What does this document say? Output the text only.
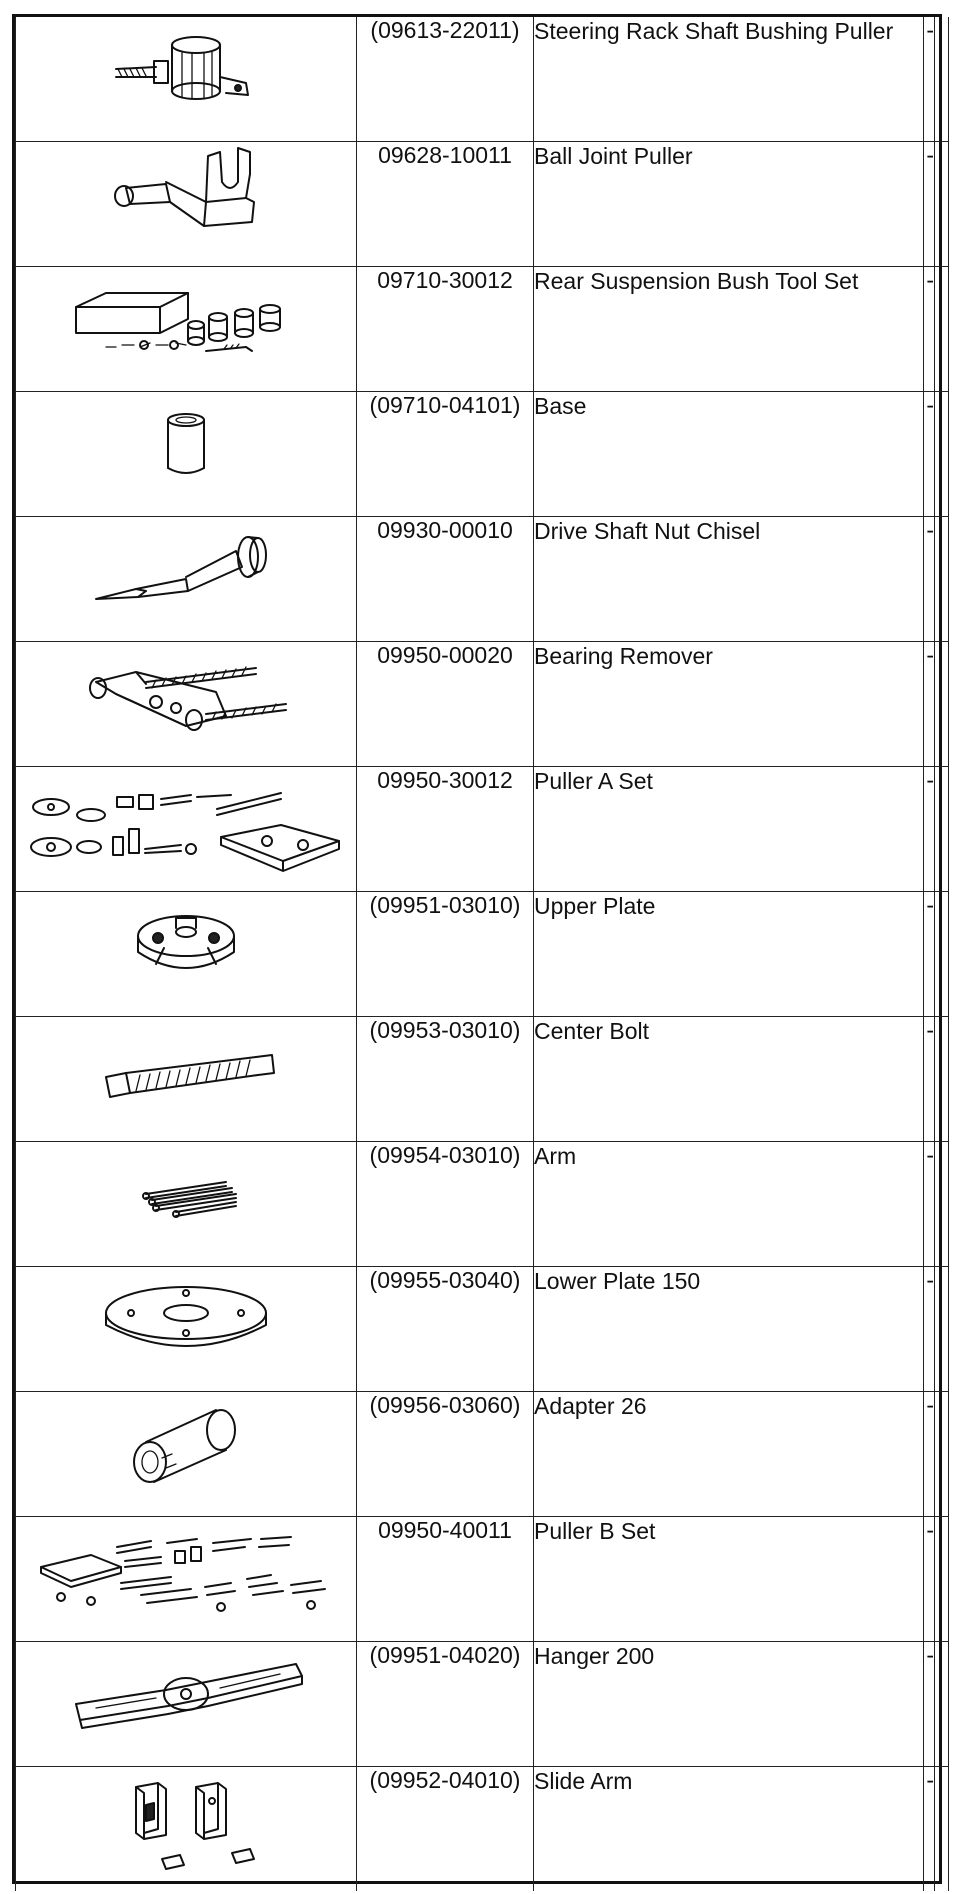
(09613-22011)	Steering Rack Shaft Bushing Puller	-	

09628-10011	Ball Joint Puller	-	

09710-30012	Rear Suspension Bush Tool Set	-	

(09710-04101)	Base	-	

09930-00010	Drive Shaft Nut Chisel	-	

09950-00020	Bearing Remover	-	

09950-30012	Puller A Set	-	

(09951-03010)	Upper Plate	-	

(09953-03010)	Center Bolt	-	

(09954-03010)	Arm	-	

(09955-03040)	Lower Plate 150	-	

(09956-03060)	Adapter 26	-	

09950-40011	Puller B Set	-	

(09951-04020)	Hanger 200	-	

(09952-04010)	Slide Arm	-	
